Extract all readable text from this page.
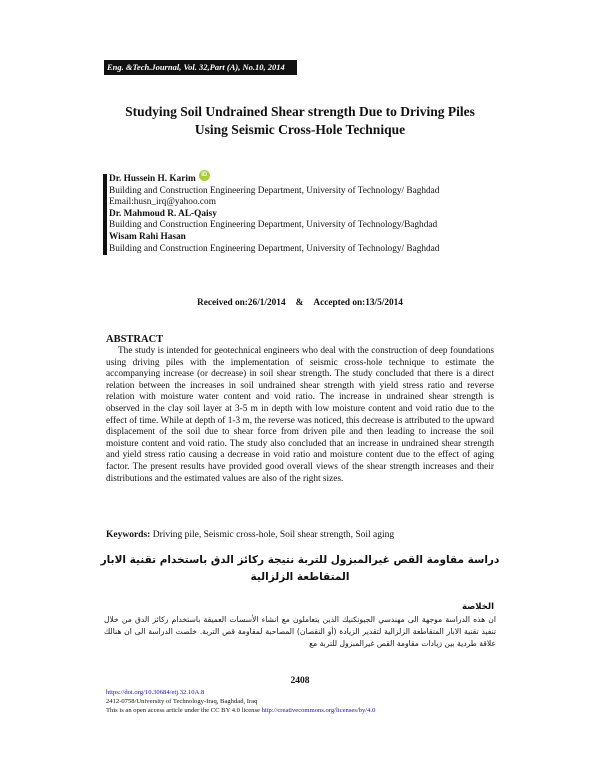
Eng. &Tech.Journal, Vol. 32,Part (A), No.10, 2014
Studying Soil Undrained Shear strength Due to Driving Piles
Using Seismic Cross-Hole Technique
Dr. Hussein H. Karim iD
Building and Construction Engineering Department, University of Technology/ Baghdad
Email:husn_irq@yahoo.com
Dr. Mahmoud R. AL-Qaisy
Building and Construction Engineering Department, University of Technology/Baghdad
Wisam Rahi Hasan
Building and Construction Engineering Department, University of Technology/ Baghdad
Received on:26/1/2014 & Accepted on:13/5/2014
ABSTRACT
The study is intended for geotechnical engineers who deal with the construction of deep foundations using driving piles with the implementation of seismic cross-hole technique to estimate the accompanying increase (or decrease) in soil shear strength. The study concluded that there is a direct relation between the increases in soil undrained shear strength with yield stress ratio and reverse relation with moisture water content and void ratio. The increase in undrained shear strength is observed in the clay soil layer at 3-5 m in depth with low moisture content and void ratio due to the effect of time. While at depth of 1-3 m, the reverse was noticed, this decrease is attributed to the upward displacement of the soil due to shear force from driven pile and then leading to increase the soil moisture content and void ratio. The study also concluded that an increase in undrained shear strength and yield stress ratio causing a decrease in void ratio and moisture content due to the effect of aging factor. The present results have provided good overall views of the shear strength increases and their distributions and the estimated values are also of the right sizes.
Keywords: Driving pile, Seismic cross-hole, Soil shear strength, Soil aging
دراسة مقاومة القص غيرالمبزول للتربة نتيجة ركائز الدق باستخدام تقنية الابار
المتقاطعة الزلزالية
الخلاصة
ان هذه الدراسة موجهة الى مهندسي الجيوتكنيك الذين يتعاملون مع انشاء الأسسات العميقة باستخدام ركائز الدق من خلال تنفيذ تقنية الابار المتقاطعة الزلزالية لتقدير الزيادة (أو النقصان) المصاحبة لمقاومة قص التربة. خلصت الدراسة الى ان هنالك علاقة طردية بين زيادات مقاومة القص غيرالمبزول للتربة مع
2408
https://doi.org/10.30684/etj.32.10A.8
2412-0758/University of Technology-Iraq, Baghdad, Iraq
This is an open access article under the CC BY 4.0 license http://creativecommons.org/licenses/by/4.0
